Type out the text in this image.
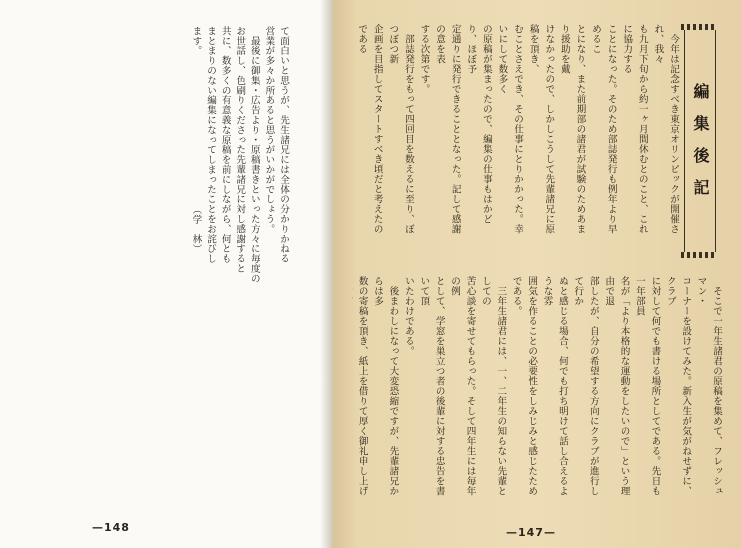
て面白いと思うが、先生諸兄には全体の分かりかねる
営業が多々か所あると思うがいかがでしょう。
　最後に御集・広告より・原稿書きといった方々に毎度の
お世話し、色刷りくださった先輩諸兄に対し感謝すると
共に、数多くの有意義な原稿を前にしながら、何とも
まとまりのない編集になってしまったことをお詫びし
ます。　　　　　　　　　　　　　　　　（学　林）
—148
編集後記
　今年は記念すべき東京オリンピックが開催され、我々
も九月下旬から約一ヶ月間休むとのこと、これに協力する
ことになった。そのため部誌発行も例年より早めるこ
とになり、また前期部の諸君が試験のためあまり援助を戴
けなかったので、しかしこうして先輩諸兄に原稿を頂き、
むことさえでき、その仕事にとりかかった。幸いにして数多く
の原稿が集まったので、編集の仕事もはかどり、ほぼ予
定通りに発行できることとなった。記して感謝の意を表
する次第です。
　部誌発行をもって四回目を数えるに至り、ぼつぼつ新
企画を目指してスタートすべき頃だと考えたのである

　そこで一年生諸君の原稿を集めて、フレッシュマン・
コーナーを設けてみた。新入生が気がねせずに、クラブ
に対して何でも書ける場所としてである。先日も一年部員
名が「より本格的な運動をしたいので」という理由で退
部したが、自分の希望する方向にクラブが進行して行か
ぬと感じる場合、何でも打ち明けて話し合えるような雰
囲気を作ることの必要性をしみじみと感じたためである。
　三年生諸君には、一、二年生の知らない先輩としての
苦心談を寄せてもらった。そして四年生には毎年の例
として、学窓を巣立つ者の後輩に対する忠告を書いて頂
いたわけである。
　後まわしになって大変恐縮ですが、先輩諸兄からは多
数の寄稿を頂き、紙上を借りて厚く御礼申し上げ

—147—
